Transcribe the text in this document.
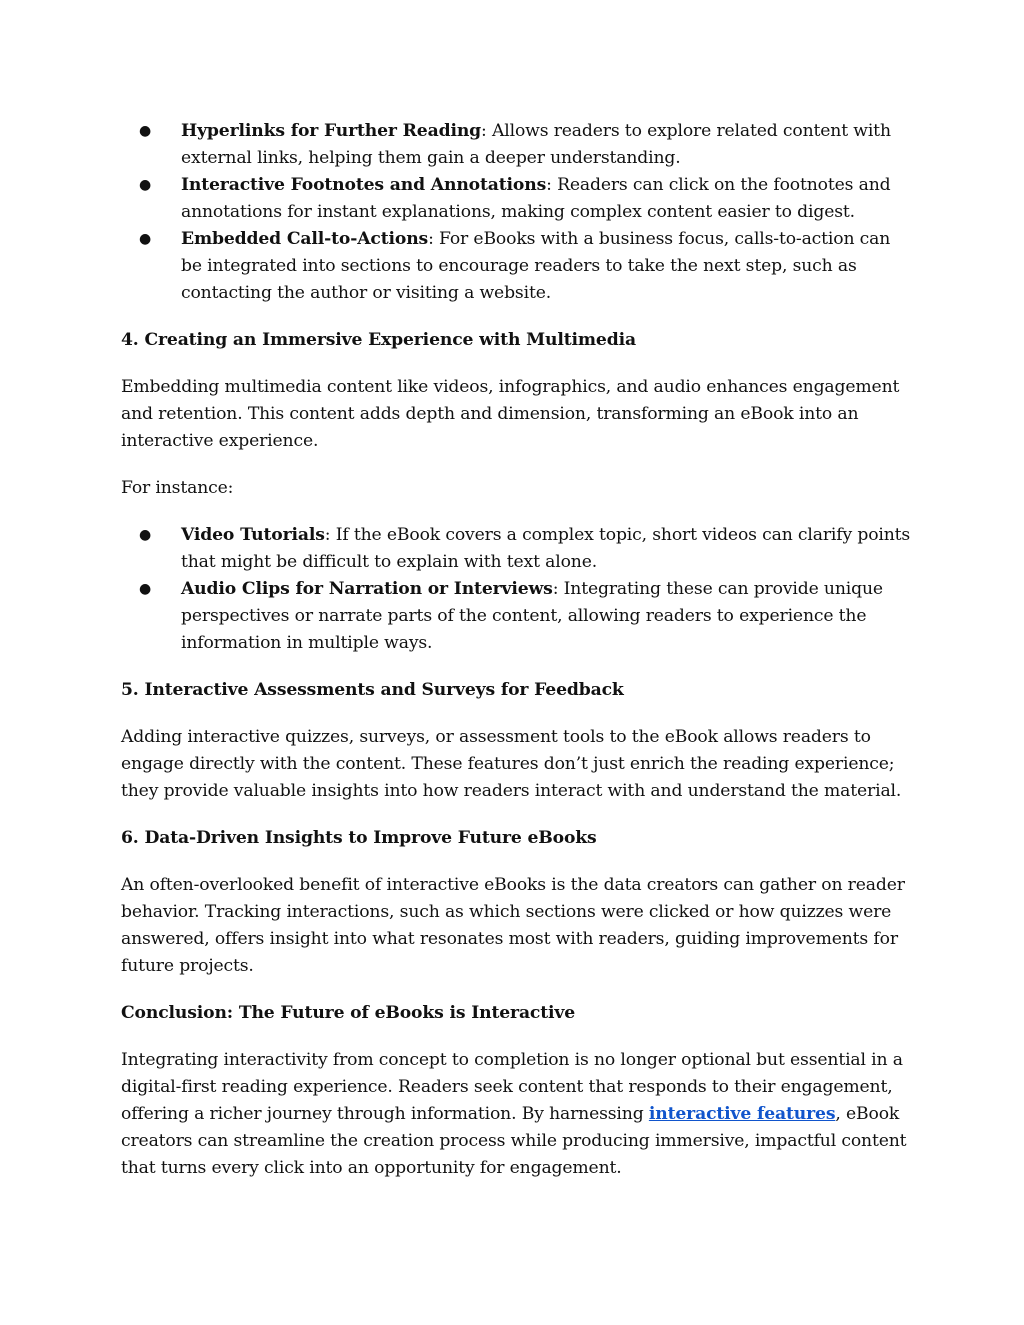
● Hyperlinks for Further Reading: Allows readers to explore related content with external links, helping them gain a deeper understanding.
● Interactive Footnotes and Annotations: Readers can click on the footnotes and annotations for instant explanations, making complex content easier to digest.
● Embedded Call-to-Actions: For eBooks with a business focus, calls-to-action can be integrated into sections to encourage readers to take the next step, such as contacting the author or visiting a website.
4. Creating an Immersive Experience with Multimedia

Embedding multimedia content like videos, infographics, and audio enhances engagement and retention. This content adds depth and dimension, transforming an eBook into an interactive experience.

For instance:

● Video Tutorials: If the eBook covers a complex topic, short videos can clarify points that might be difficult to explain with text alone.
● Audio Clips for Narration or Interviews: Integrating these can provide unique perspectives or narrate parts of the content, allowing readers to experience the information in multiple ways.
5. Interactive Assessments and Surveys for Feedback

Adding interactive quizzes, surveys, or assessment tools to the eBook allows readers to engage directly with the content. These features don’t just enrich the reading experience; they provide valuable insights into how readers interact with and understand the material.

6. Data-Driven Insights to Improve Future eBooks

An often-overlooked benefit of interactive eBooks is the data creators can gather on reader behavior. Tracking interactions, such as which sections were clicked or how quizzes were answered, offers insight into what resonates most with readers, guiding improvements for future projects.

Conclusion: The Future of eBooks is Interactive

Integrating interactivity from concept to completion is no longer optional but essential in a digital-first reading experience. Readers seek content that responds to their engagement, offering a richer journey through information. By harnessing interactive features, eBook creators can streamline the creation process while producing immersive, impactful content that turns every click into an opportunity for engagement.
